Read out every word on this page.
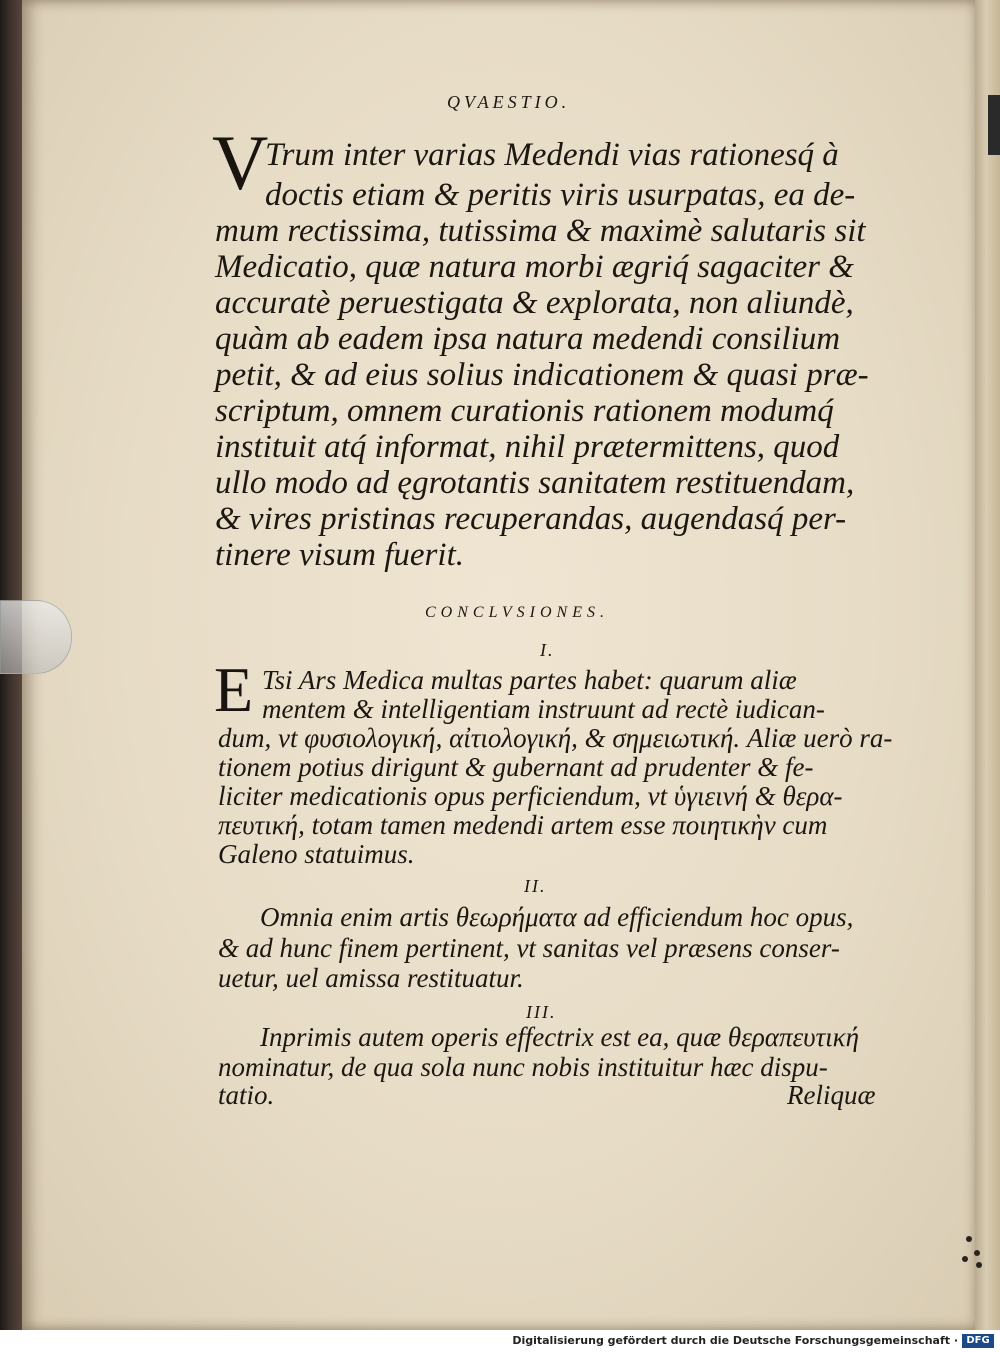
QVAESTIO.
V
Trum inter varias Medendi vias rationesq́ à
doctis etiam & peritis viris usurpatas, ea de-
mum rectissima, tutissima & maximè salutaris sit
Medicatio, quæ natura morbi ægriq́ sagaciter &
accuratè peruestigata & explorata, non aliundè,
quàm ab eadem ipsa natura medendi consilium
petit, & ad eius solius indicationem & quasi præ-
scriptum, omnem curationis rationem modumq́
instituit atq́ informat, nihil prætermittens, quod
ullo modo ad ęgrotantis sanitatem restituendam,
& vires pristinas recuperandas, augendasq́ per-
tinere visum fuerit.
CONCLVSIONES.
I.
E Tsi Ars Medica multas partes habet: quarum aliæ
mentem & intelligentiam instruunt ad rectè iudican-
dum, vt φυσιολογική, αἰτιολογική, & σημειωτική. Aliæ uerò ra-
tionem potius dirigunt & gubernant ad prudenter & fe-
liciter medicationis opus perficiendum, vt ὑγιεινή & θερα-
πευτική, totam tamen medendi artem esse ποιητικὴν cum
Galeno statuimus.
II.
Omnia enim artis θεωρήματα ad efficiendum hoc opus,
& ad hunc finem pertinent, vt sanitas vel præsens conser-
uetur, uel amissa restituatur.
III.
Inprimis autem operis effectrix est ea, quæ θεραπευτική
nominatur, de qua sola nunc nobis instituitur hæc dispu-
tatio.	Reliquæ
Digitalisierung gefördert durch die Deutsche Forschungsgemeinschaft · DFG
